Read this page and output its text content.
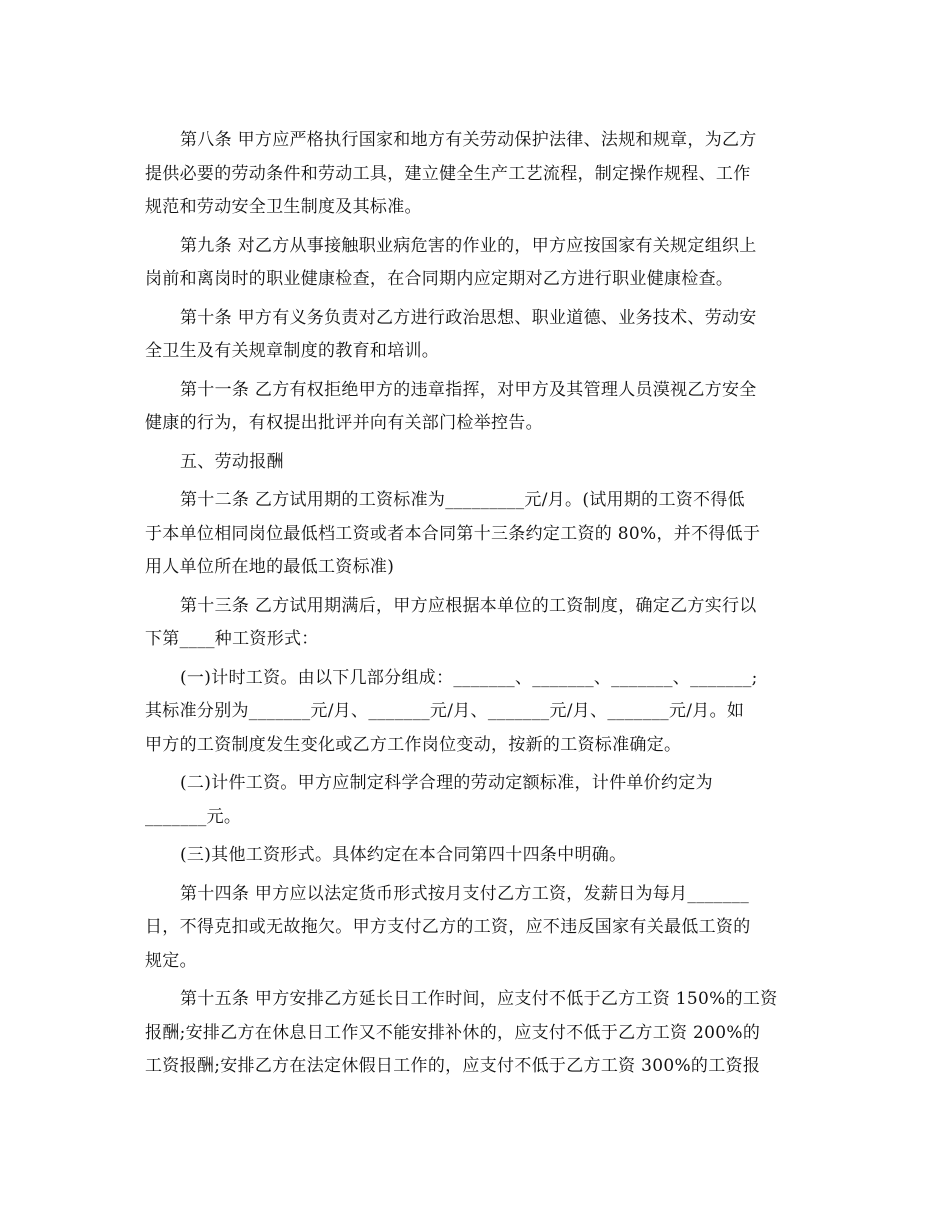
第八条 甲方应严格执行国家和地方有关劳动保护法律、法规和规章，为乙方
提供必要的劳动条件和劳动工具，建立健全生产工艺流程，制定操作规程、工作
规范和劳动安全卫生制度及其标准。

第九条 对乙方从事接触职业病危害的作业的，甲方应按国家有关规定组织上
岗前和离岗时的职业健康检查，在合同期内应定期对乙方进行职业健康检查。

第十条 甲方有义务负责对乙方进行政治思想、职业道德、业务技术、劳动安
全卫生及有关规章制度的教育和培训。

第十一条 乙方有权拒绝甲方的违章指挥，对甲方及其管理人员漠视乙方安全
健康的行为，有权提出批评并向有关部门检举控告。

五、劳动报酬

第十二条 乙方试用期的工资标准为_________元/月。(试用期的工资不得低
于本单位相同岗位最低档工资或者本合同第十三条约定工资的 80%，并不得低于
用人单位所在地的最低工资标准)

第十三条 乙方试用期满后，甲方应根据本单位的工资制度，确定乙方实行以
下第____种工资形式：

(一)计时工资。由以下几部分组成：_______、_______、_______、_______;
其标准分别为_______元/月、_______元/月、_______元/月、_______元/月。如
甲方的工资制度发生变化或乙方工作岗位变动，按新的工资标准确定。

(二)计件工资。甲方应制定科学合理的劳动定额标准，计件单价约定为
_______元。

(三)其他工资形式。具体约定在本合同第四十四条中明确。

第十四条 甲方应以法定货币形式按月支付乙方工资，发薪日为每月_______
日，不得克扣或无故拖欠。甲方支付乙方的工资，应不违反国家有关最低工资的
规定。

第十五条 甲方安排乙方延长日工作时间，应支付不低于乙方工资 150%的工资
报酬;安排乙方在休息日工作又不能安排补休的，应支付不低于乙方工资 200%的
工资报酬;安排乙方在法定休假日工作的，应支付不低于乙方工资 300%的工资报
